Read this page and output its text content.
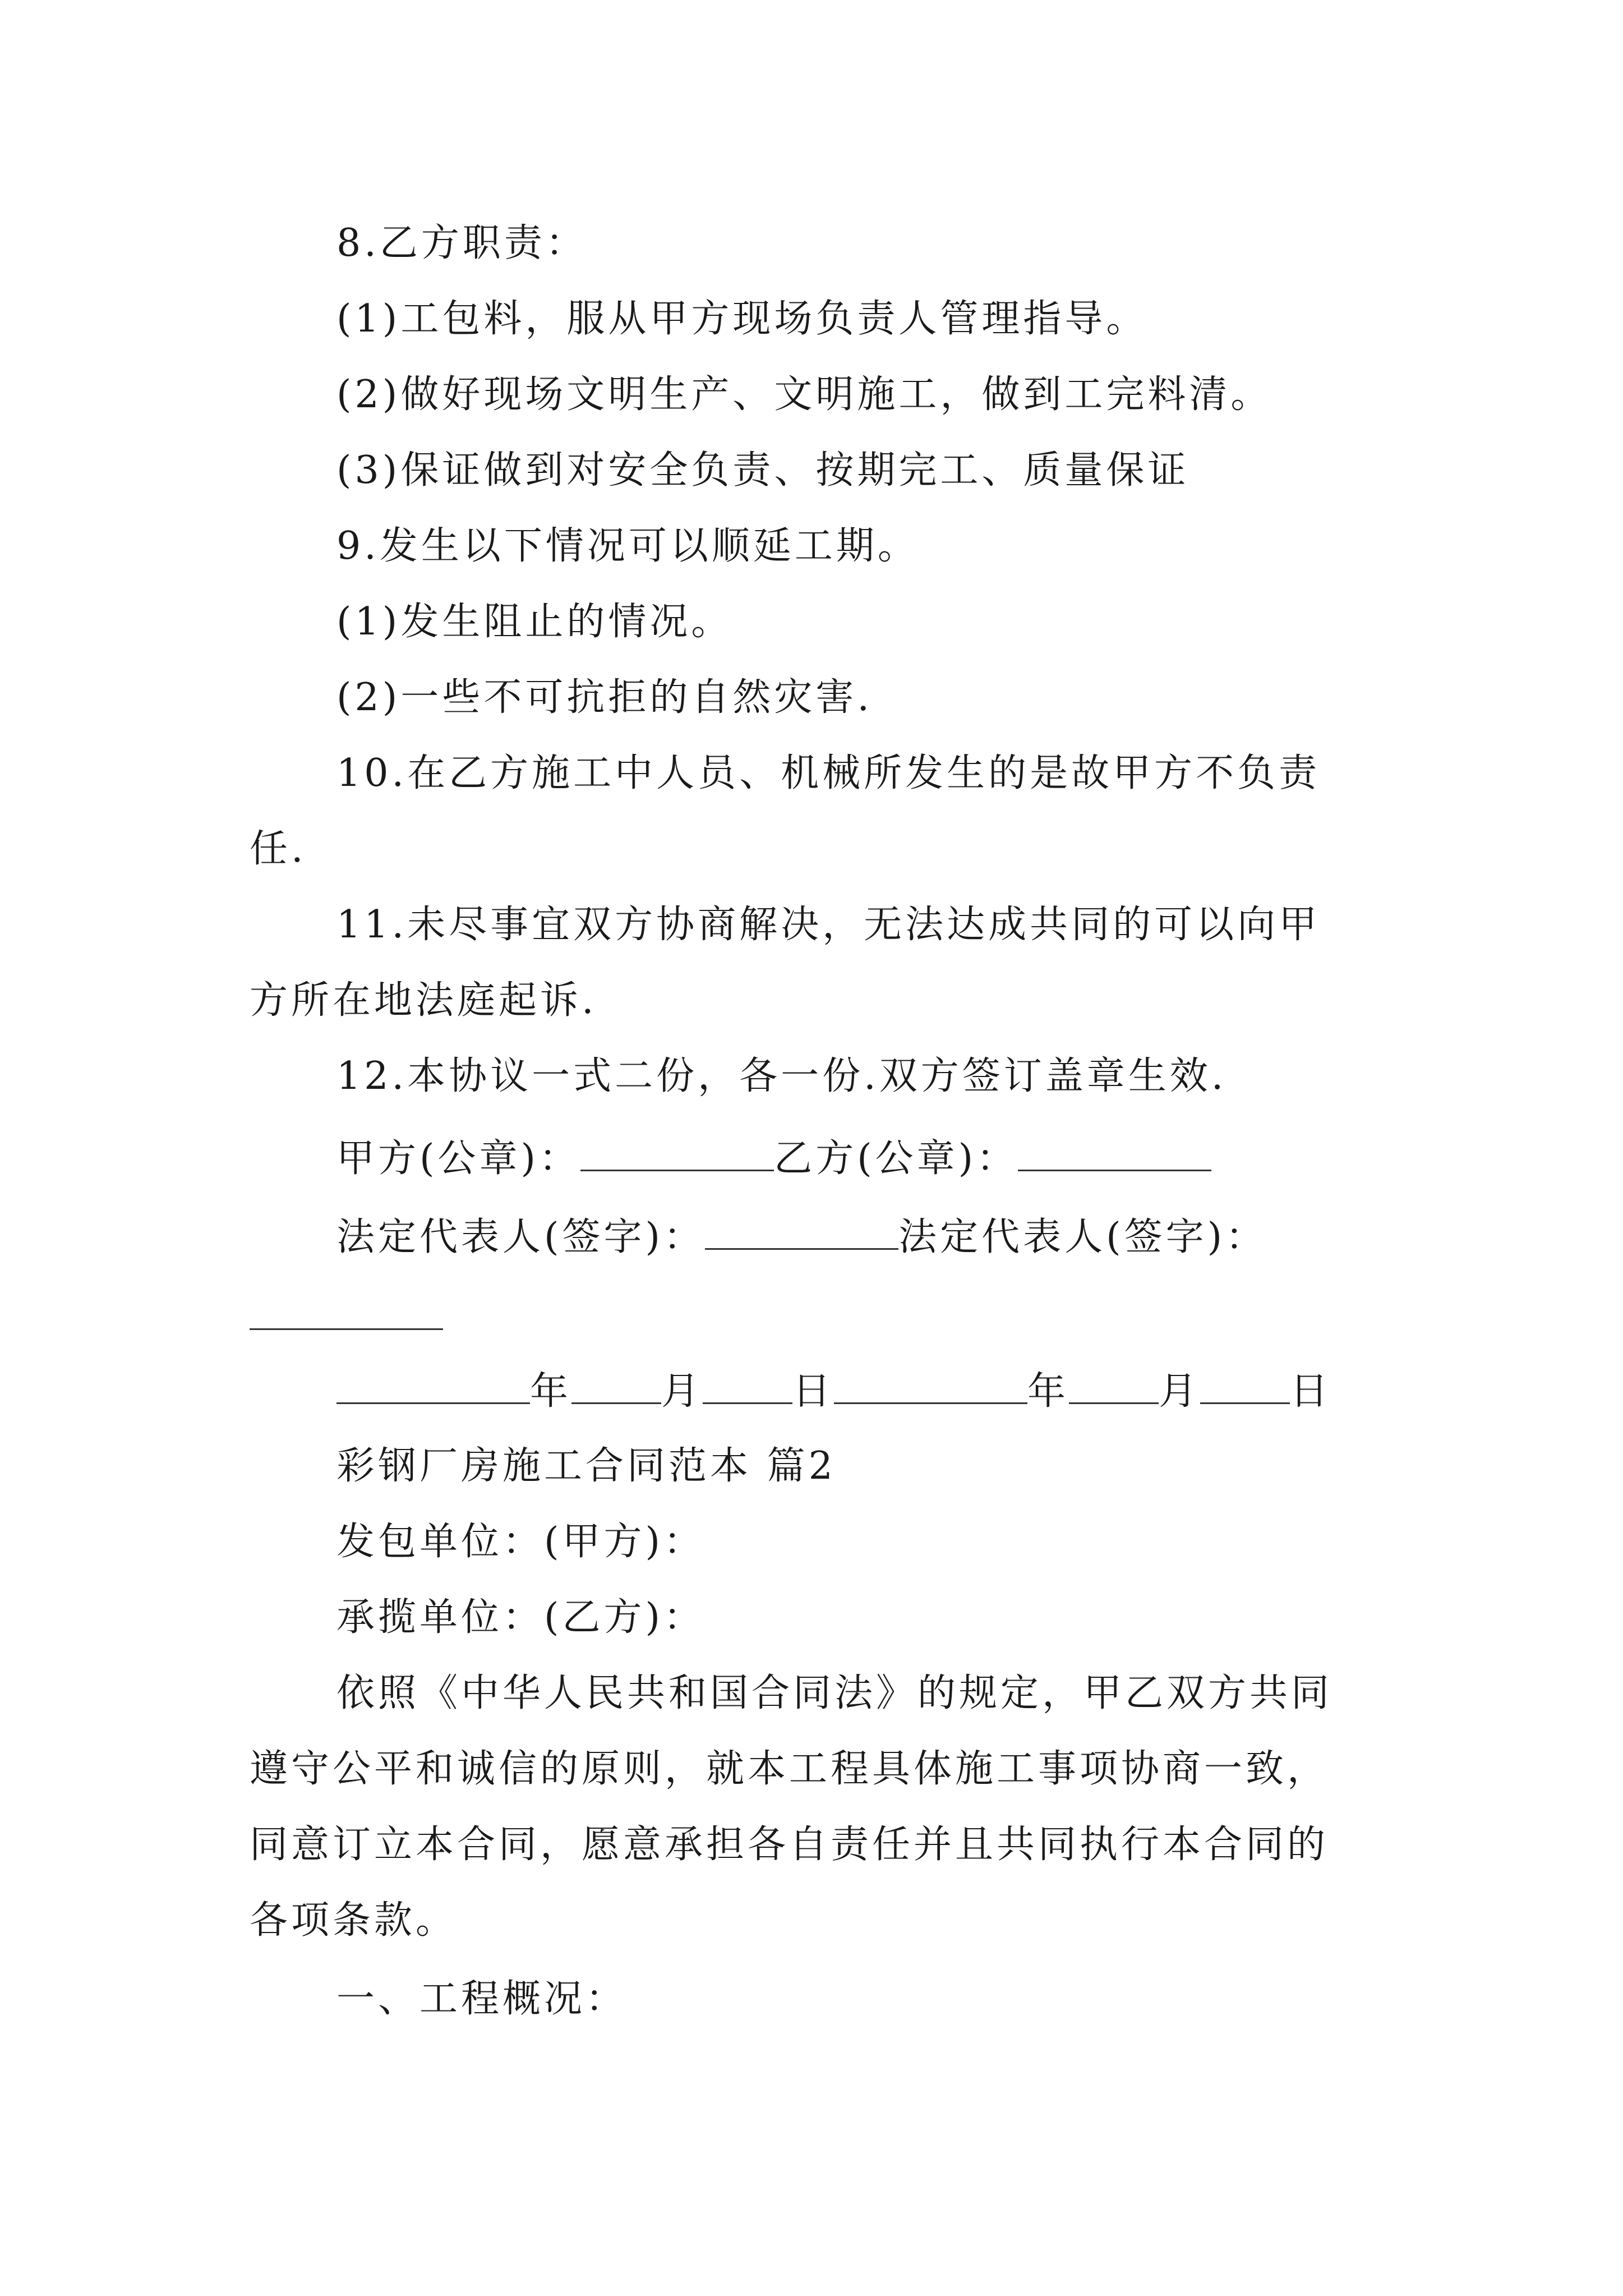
8.乙方职责：

(1)工包料，服从甲方现场负责人管理指导。

(2)做好现场文明生产、文明施工，做到工完料清。

(3)保证做到对安全负责、按期完工、质量保证

9.发生以下情况可以顺延工期。

(1)发生阻止的情况。

(2)一些不可抗拒的自然灾害.

10.在乙方施工中人员、机械所发生的是故甲方不负责

任.

11.未尽事宜双方协商解决，无法达成共同的可以向甲

方所在地法庭起诉.

12.本协议一式二份，各一份.双方签订盖章生效.

甲方(公章)：	乙方(公章)：

法定代表人(签字)：	法定代表人(签字)：

年 月 日	年 月 日

彩钢厂房施工合同范本 篇2

发包单位：(甲方)：

承揽单位：(乙方)：

依照《中华人民共和国合同法》的规定，甲乙双方共同

遵守公平和诚信的原则，就本工程具体施工事项协商一致，

同意订立本合同，愿意承担各自责任并且共同执行本合同的

各项条款。

一、工程概况：
